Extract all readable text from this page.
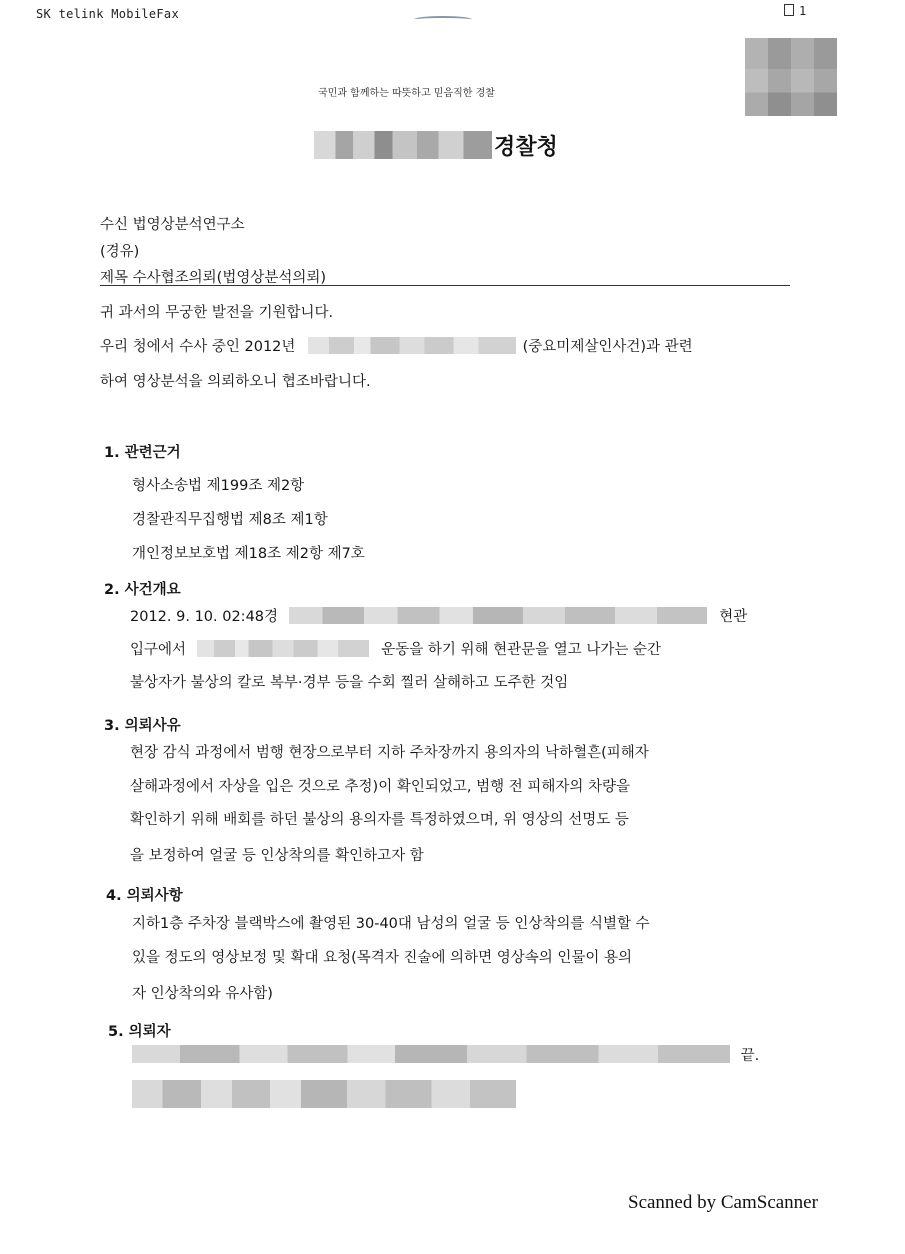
SK telink MobileFax	1
국민과 함께하는 따뜻하고 믿음직한 경찰
경찰청
수신 법영상분석연구소
(경유)
제목 수사협조의뢰(법영상분석의뢰)
귀 과서의 무궁한 발전을 기원합니다.
우리 청에서 수사 중인 2012년	(중요미제살인사건)과 관련
하여 영상분석을 의뢰하오니 협조바랍니다.
1. 관련근거
형사소송법 제199조 제2항
경찰관직무집행법 제8조 제1항
개인정보보호법 제18조 제2항 제7호
2. 사건개요
2012. 9. 10. 02:48경	현관
입구에서	운동을 하기 위해 현관문을 열고 나가는 순간
불상자가 불상의 칼로 복부·경부 등을 수회 찔러 살해하고 도주한 것임
3. 의뢰사유
현장 감식 과정에서 범행 현장으로부터 지하 주차장까지 용의자의 낙하혈흔(피해자
살해과정에서 자상을 입은 것으로 추정)이 확인되었고, 범행 전 피해자의 차량을
확인하기 위해 배회를 하던 불상의 용의자를 특정하였으며, 위 영상의 선명도 등
을 보정하여 얼굴 등 인상착의를 확인하고자 함
4. 의뢰사항
지하1층 주차장 블랙박스에 촬영된 30-40대 남성의 얼굴 등 인상착의를 식별할 수
있을 정도의 영상보정 및 확대 요청(목격자 진술에 의하면 영상속의 인물이 용의
자 인상착의와 유사함)
5. 의뢰자
끝.
Scanned by CamScanner
